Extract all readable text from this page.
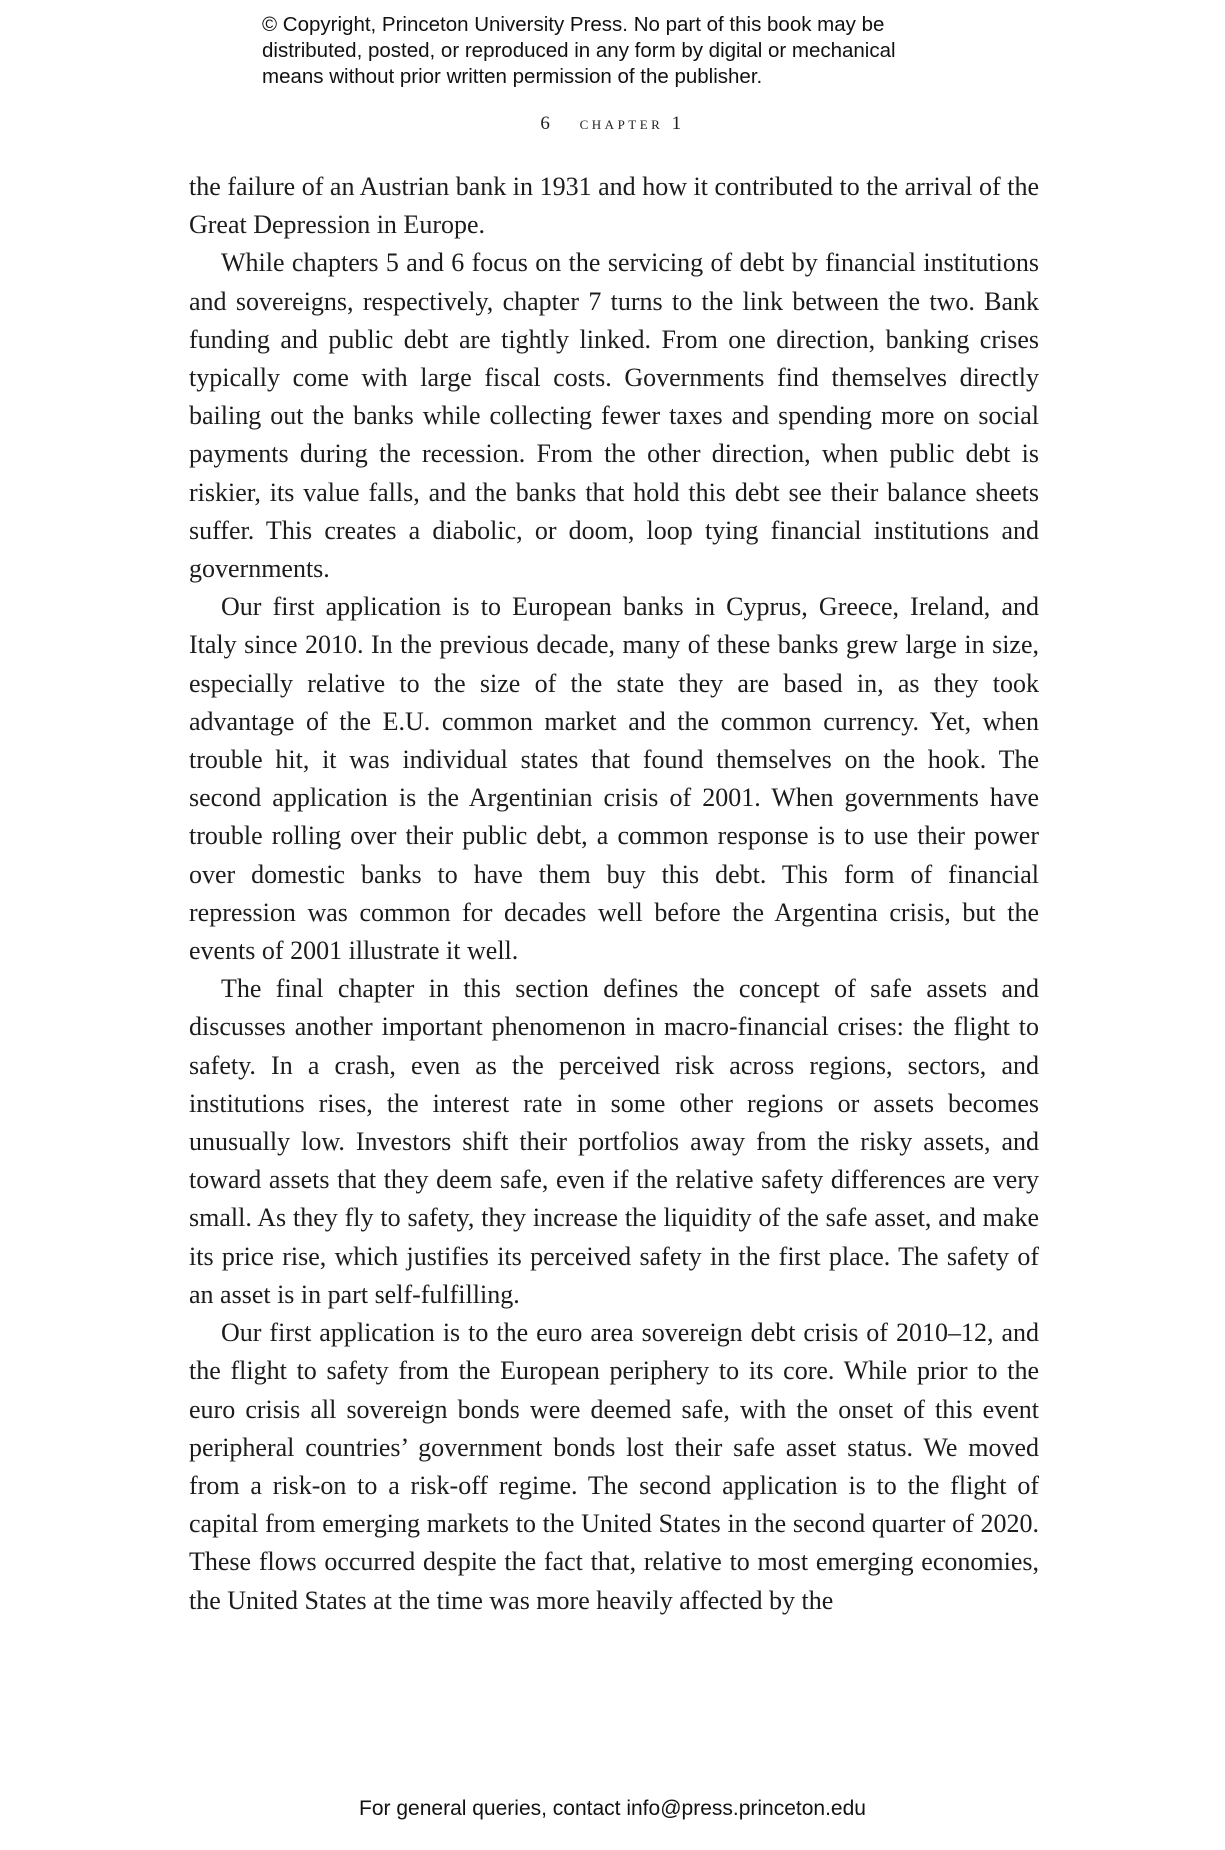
© Copyright, Princeton University Press. No part of this book may be
distributed, posted, or reproduced in any form by digital or mechanical
means without prior written permission of the publisher.
6 chapter 1

the failure of an Austrian bank in 1931 and how it contributed to the arrival of the Great Depression in Europe.

While chapters 5 and 6 focus on the servicing of debt by financial institutions and sovereigns, respectively, chapter 7 turns to the link between the two. Bank funding and public debt are tightly linked. From one direction, banking crises typically come with large fiscal costs. Governments find themselves directly bailing out the banks while collecting fewer taxes and spending more on social payments during the recession. From the other direction, when public debt is riskier, its value falls, and the banks that hold this debt see their balance sheets suffer. This creates a diabolic, or doom, loop tying financial institutions and governments.

Our first application is to European banks in Cyprus, Greece, Ireland, and Italy since 2010. In the previous decade, many of these banks grew large in size, especially relative to the size of the state they are based in, as they took advantage of the E.U. common market and the common currency. Yet, when trouble hit, it was individual states that found themselves on the hook. The second application is the Argentinian crisis of 2001. When governments have trouble rolling over their public debt, a common response is to use their power over domestic banks to have them buy this debt. This form of financial repression was common for decades well before the Argentina crisis, but the events of 2001 illustrate it well.

The final chapter in this section defines the concept of safe assets and discusses another important phenomenon in macro-financial crises: the flight to safety. In a crash, even as the perceived risk across regions, sectors, and institutions rises, the interest rate in some other regions or assets becomes unusually low. Investors shift their portfolios away from the risky assets, and toward assets that they deem safe, even if the relative safety differences are very small. As they fly to safety, they increase the liquidity of the safe asset, and make its price rise, which justifies its perceived safety in the first place. The safety of an asset is in part self-fulfilling.

Our first application is to the euro area sovereign debt crisis of 2010–12, and the flight to safety from the European periphery to its core. While prior to the euro crisis all sovereign bonds were deemed safe, with the onset of this event peripheral countries’ government bonds lost their safe asset status. We moved from a risk-on to a risk-off regime. The second application is to the flight of capital from emerging markets to the United States in the second quarter of 2020. These flows occurred despite the fact that, relative to most emerging economies, the United States at the time was more heavily affected by the

For general queries, contact info@press.princeton.edu
